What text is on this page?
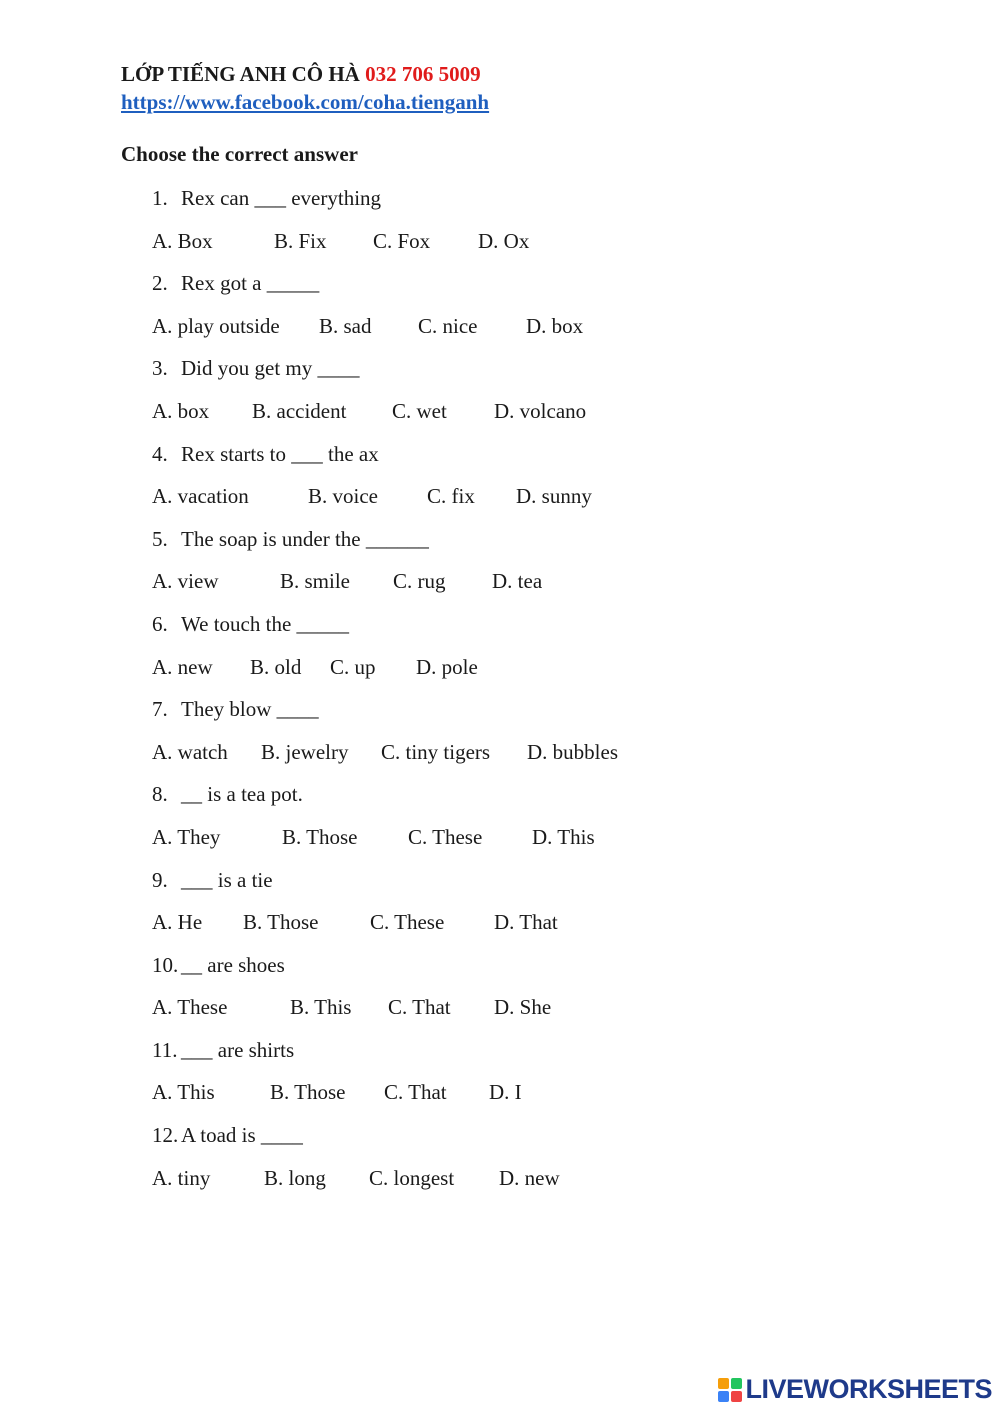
LỚP TIẾNG ANH CÔ HÀ 032 706 5009
https://www.facebook.com/coha.tienganh
Choose the correct answer
1. Rex can ___ everything
A. Box	B. Fix C. Fox D. Ox
2. Rex got a _____
A. play outside B. sad C. nice D. box
3. Did you get my ____
A. box B. accident C. wet D. volcano
4. Rex starts to ___ the ax
A. vacation	B. voice C. fix D. sunny
5. The soap is under the ______
A. view	B. smile C. rug D. tea
6. We touch the _____
A. new B. old C. up D. pole
7. They blow ____
A. watch B. jewelry C. tiny tigers D. bubbles
8. __ is a tea pot.
A. They	B. Those C. These D. This
9. ___ is a tie
A. He B. Those C. These D. That
10. __ are shoes
A. These	B. This C. That D. She
11. ___ are shirts
A. This	B. Those C. That D. I
12. A toad is ____
A. tiny	B. long C. longest D. new
LIVEWORKSHEETS
